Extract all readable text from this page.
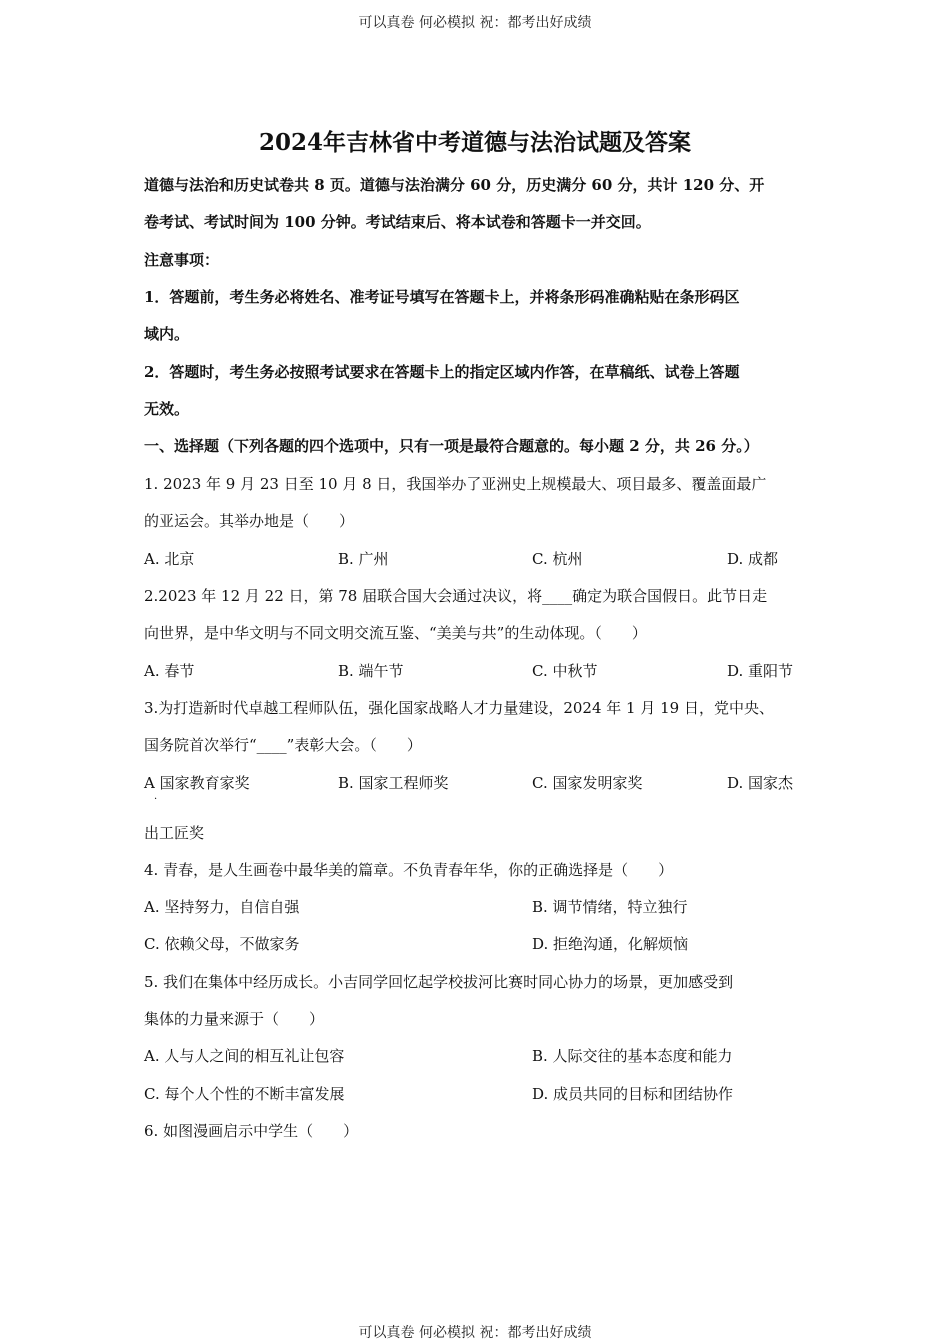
可以真卷 何必模拟 祝：都考出好成绩
2024年吉林省中考道德与法治试题及答案
道德与法治和历史试卷共 8 页。道德与法治满分 60 分，历史满分 60 分，共计 120 分、开
卷考试、考试时间为 100 分钟。考试结束后、将本试卷和答题卡一并交回。
注意事项：
1．答题前，考生务必将姓名、准考证号填写在答题卡上，并将条形码准确粘贴在条形码区
域内。
2．答题时，考生务必按照考试要求在答题卡上的指定区域内作答，在草稿纸、试卷上答题
无效。
一、选择题（下列各题的四个选项中，只有一项是最符合题意的。每小题 2 分，共 26 分。）
1. 2023 年 9 月 23 日至 10 月 8 日，我国举办了亚洲史上规模最大、项目最多、覆盖面最广
的亚运会。其举办地是（　　）
A. 北京	B. 广州	C. 杭州	D. 成都
2.2023 年 12 月 22 日，第 78 届联合国大会通过决议，将____确定为联合国假日。此节日走
向世界，是中华文明与不同文明交流互鉴、“美美与共”的生动体现。（　　）
A. 春节	B. 端午节	C. 中秋节	D. 重阳节
3.为打造新时代卓越工程师队伍，强化国家战略人才力量建设，2024 年 1 月 19 日，党中央、
国务院首次举行“____”表彰大会。（　　）
A 国家教育家奖	B. 国家工程师奖	C. 国家发明家奖	D. 国家杰
·
出工匠奖
4. 青春，是人生画卷中最华美的篇章。不负青春年华，你的正确选择是（　　）
A. 坚持努力，自信自强	B. 调节情绪，特立独行
C. 依赖父母，不做家务	D. 拒绝沟通，化解烦恼
5. 我们在集体中经历成长。小吉同学回忆起学校拔河比赛时同心协力的场景，更加感受到
集体的力量来源于（　　）
A. 人与人之间的相互礼让包容	B. 人际交往的基本态度和能力
C. 每个人个性的不断丰富发展	D. 成员共同的目标和团结协作
6. 如图漫画启示中学生（　　）
可以真卷 何必模拟 祝：都考出好成绩
